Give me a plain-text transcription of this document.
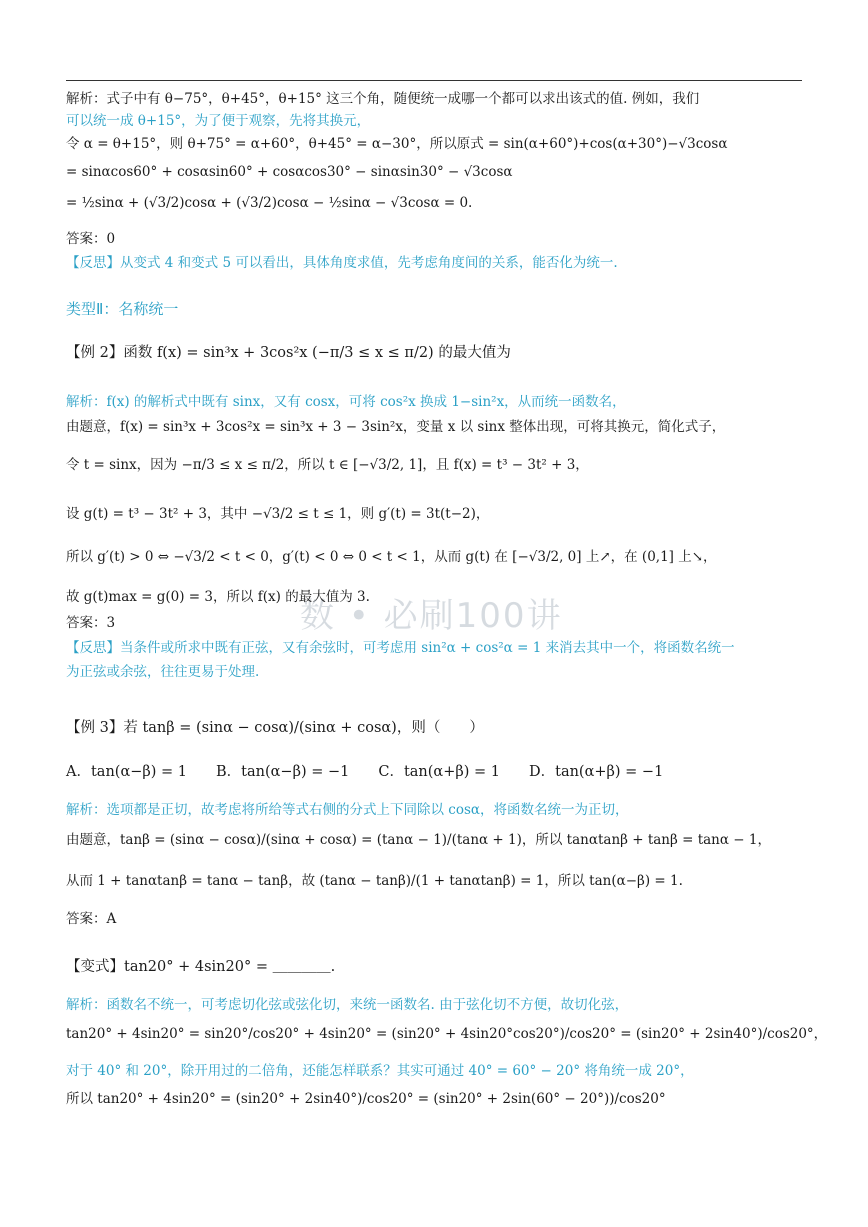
数 • 必刷100讲
解析：式子中有 θ−75°，θ+45°，θ+15° 这三个角，随便统一成哪一个都可以求出该式的值. 例如，我们
可以统一成 θ+15°，为了便于观察，先将其换元，
令 α = θ+15°，则 θ+75° = α+60°，θ+45° = α−30°，所以原式 = sin(α+60°)+cos(α+30°)−√3cosα
= sinαcos60° + cosαsin60° + cosαcos30° − sinαsin30° − √3cosα
= ½sinα + (√3/2)cosα + (√3/2)cosα − ½sinα − √3cosα = 0.
答案：0
【反思】从变式 4 和变式 5 可以看出，具体角度求值，先考虑角度间的关系，能否化为统一.
类型Ⅱ：名称统一
【例 2】函数 f(x) = sin³x + 3cos²x (−π/3 ≤ x ≤ π/2) 的最大值为
解析：f(x) 的解析式中既有 sinx，又有 cosx，可将 cos²x 换成 1−sin²x，从而统一函数名，
由题意，f(x) = sin³x + 3cos²x = sin³x + 3 − 3sin²x，变量 x 以 sinx 整体出现，可将其换元，简化式子，
令 t = sinx，因为 −π/3 ≤ x ≤ π/2，所以 t ∈ [−√3/2, 1]，且 f(x) = t³ − 3t² + 3，
设 g(t) = t³ − 3t² + 3，其中 −√3/2 ≤ t ≤ 1，则 g′(t) = 3t(t−2)，
所以 g′(t) > 0 ⇔ −√3/2 < t < 0，g′(t) < 0 ⇔ 0 < t < 1，从而 g(t) 在 [−√3/2, 0] 上↗，在 (0,1] 上↘，
故 g(t)max = g(0) = 3，所以 f(x) 的最大值为 3.
答案：3
【反思】当条件或所求中既有正弦，又有余弦时，可考虑用 sin²α + cos²α = 1 来消去其中一个，将函数名统一
为正弦或余弦，往往更易于处理.
【例 3】若 tanβ = (sinα − cosα)/(sinα + cosα)，则（　　）
A．tan(α−β) = 1　　B．tan(α−β) = −1　　C．tan(α+β) = 1　　D．tan(α+β) = −1
解析：选项都是正切，故考虑将所给等式右侧的分式上下同除以 cosα，将函数名统一为正切，
由题意，tanβ = (sinα − cosα)/(sinα + cosα) = (tanα − 1)/(tanα + 1)，所以 tanαtanβ + tanβ = tanα − 1，
从而 1 + tanαtanβ = tanα − tanβ，故 (tanα − tanβ)/(1 + tanαtanβ) = 1，所以 tan(α−β) = 1.
答案：A
【变式】tan20° + 4sin20° = ＿＿＿＿.
解析：函数名不统一，可考虑切化弦或弦化切，来统一函数名. 由于弦化切不方便，故切化弦，
tan20° + 4sin20° = sin20°/cos20° + 4sin20° = (sin20° + 4sin20°cos20°)/cos20° = (sin20° + 2sin40°)/cos20°，
对于 40° 和 20°，除开用过的二倍角，还能怎样联系？其实可通过 40° = 60° − 20° 将角统一成 20°，
所以 tan20° + 4sin20° = (sin20° + 2sin40°)/cos20° = (sin20° + 2sin(60° − 20°))/cos20°
